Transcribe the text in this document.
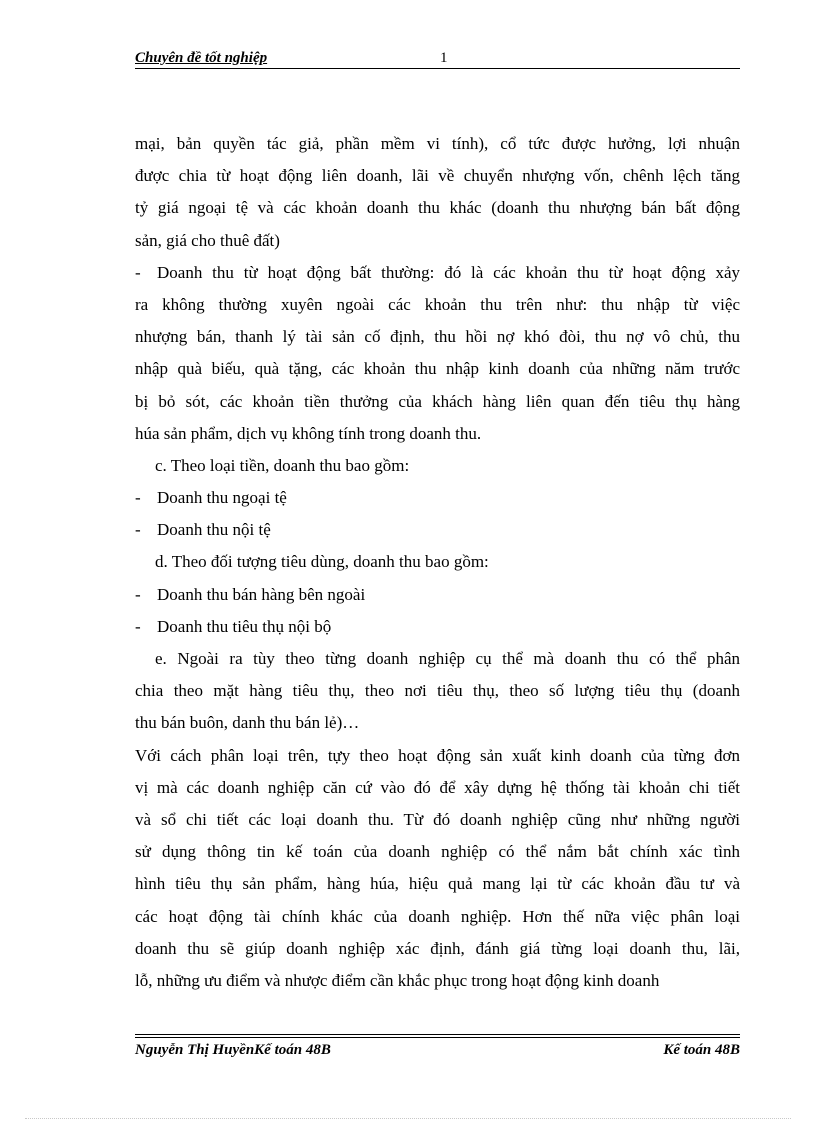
Chuyên đề tốt nghiệp	1
mại, bản quyền tác giả, phần mềm vi tính), cổ tức được hưởng, lợi nhuận
được chia từ hoạt động liên doanh, lãi về chuyển nhượng vốn, chênh lệch tăng
tỷ giá ngoại tệ và các khoản doanh thu khác (doanh thu nhượng bán bất động
sản, giá cho thuê đất)
- Doanh thu từ hoạt động bất thường: đó là các khoản thu từ hoạt động xảy
ra không thường xuyên ngoài các khoản thu trên như: thu nhập từ việc
nhượng bán, thanh lý tài sản cố định, thu hồi nợ khó đòi, thu nợ vô chủ, thu
nhập quà biếu, quà tặng, các khoản thu nhập kinh doanh của những năm trước
bị bỏ sót, các khoản tiền thưởng của khách hàng liên quan đến tiêu thụ hàng
húa sản phẩm, dịch vụ không tính trong doanh thu.
c. Theo loại tiền, doanh thu bao gồm:
- Doanh thu ngoại tệ
- Doanh thu nội tệ
d. Theo đối tượng tiêu dùng, doanh thu bao gồm:
- Doanh thu bán hàng bên ngoài
- Doanh thu tiêu thụ nội bộ
e. Ngoài ra tùy theo từng doanh nghiệp cụ thể mà doanh thu có thể phân
chia theo mặt hàng tiêu thụ, theo nơi tiêu thụ, theo số lượng tiêu thụ (doanh
thu bán buôn, danh thu bán lẻ)…
Với cách phân loại trên, tựy theo hoạt động sản xuất kinh doanh của từng đơn
vị mà các doanh nghiệp căn cứ vào đó để xây dựng hệ thống tài khoản chi tiết
và sổ chi tiết các loại doanh thu. Từ đó doanh nghiệp cũng như những người
sử dụng thông tin kế toán của doanh nghiệp có thể nắm bắt chính xác tình
hình tiêu thụ sản phẩm, hàng húa, hiệu quả mang lại từ các khoản đầu tư và
các hoạt động tài chính khác của doanh nghiệp. Hơn thế nữa việc phân loại
doanh thu sẽ giúp doanh nghiệp xác định, đánh giá từng loại doanh thu, lãi,
lỗ, những ưu điểm và nhược điểm cần khắc phục trong hoạt động kinh doanh
Nguyễn Thị HuyềnKế toán 48B	Kế toán 48B
